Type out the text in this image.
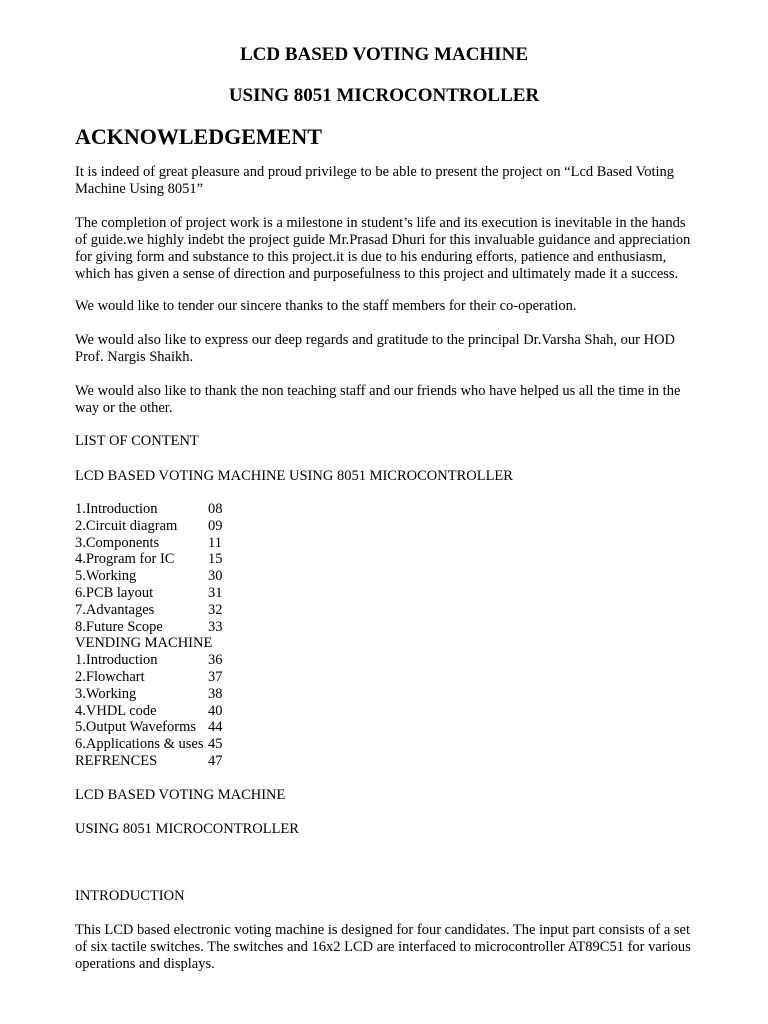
LCD BASED VOTING MACHINE
USING 8051 MICROCONTROLLER
ACKNOWLEDGEMENT
It is indeed of great pleasure and proud privilege to be able to present the project on “Lcd Based Voting Machine Using 8051”
The completion of project work is a milestone in student’s life and its execution is inevitable in the hands of guide.we highly indebt the project guide Mr.Prasad Dhuri for this invaluable guidance and appreciation for giving form and substance to this project.it is due to his enduring efforts, patience and enthusiasm, which has given a sense of direction and purposefulness to this project and ultimately made it a success.
We would like to tender our sincere thanks to the staff members for their co-operation.
We would also like to express our deep regards and gratitude to the principal Dr.Varsha Shah, our HOD Prof. Nargis Shaikh.
We would also like to thank the non teaching staff and our friends who have helped us all the time in the way or the other.
LIST OF CONTENT
LCD BASED VOTING MACHINE USING 8051 MICROCONTROLLER
1.Introduction	08
2.Circuit diagram 09
3.Components	11
4.Program for IC 15
5.Working	30
6.PCB layout	31
7.Advantages	32
8.Future Scope	33
VENDING MACHINE
1.Introduction	36
2.Flowchart	37
3.Working	38
4.VHDL code	40
5.Output Waveforms 44
6.Applications & uses 45
REFRENCES	47
LCD BASED VOTING MACHINE
USING 8051 MICROCONTROLLER
INTRODUCTION
This LCD based electronic voting machine is designed for four candidates. The input part consists of a set of six tactile switches. The switches and 16x2 LCD are interfaced to microcontroller AT89C51 for various operations and displays.
